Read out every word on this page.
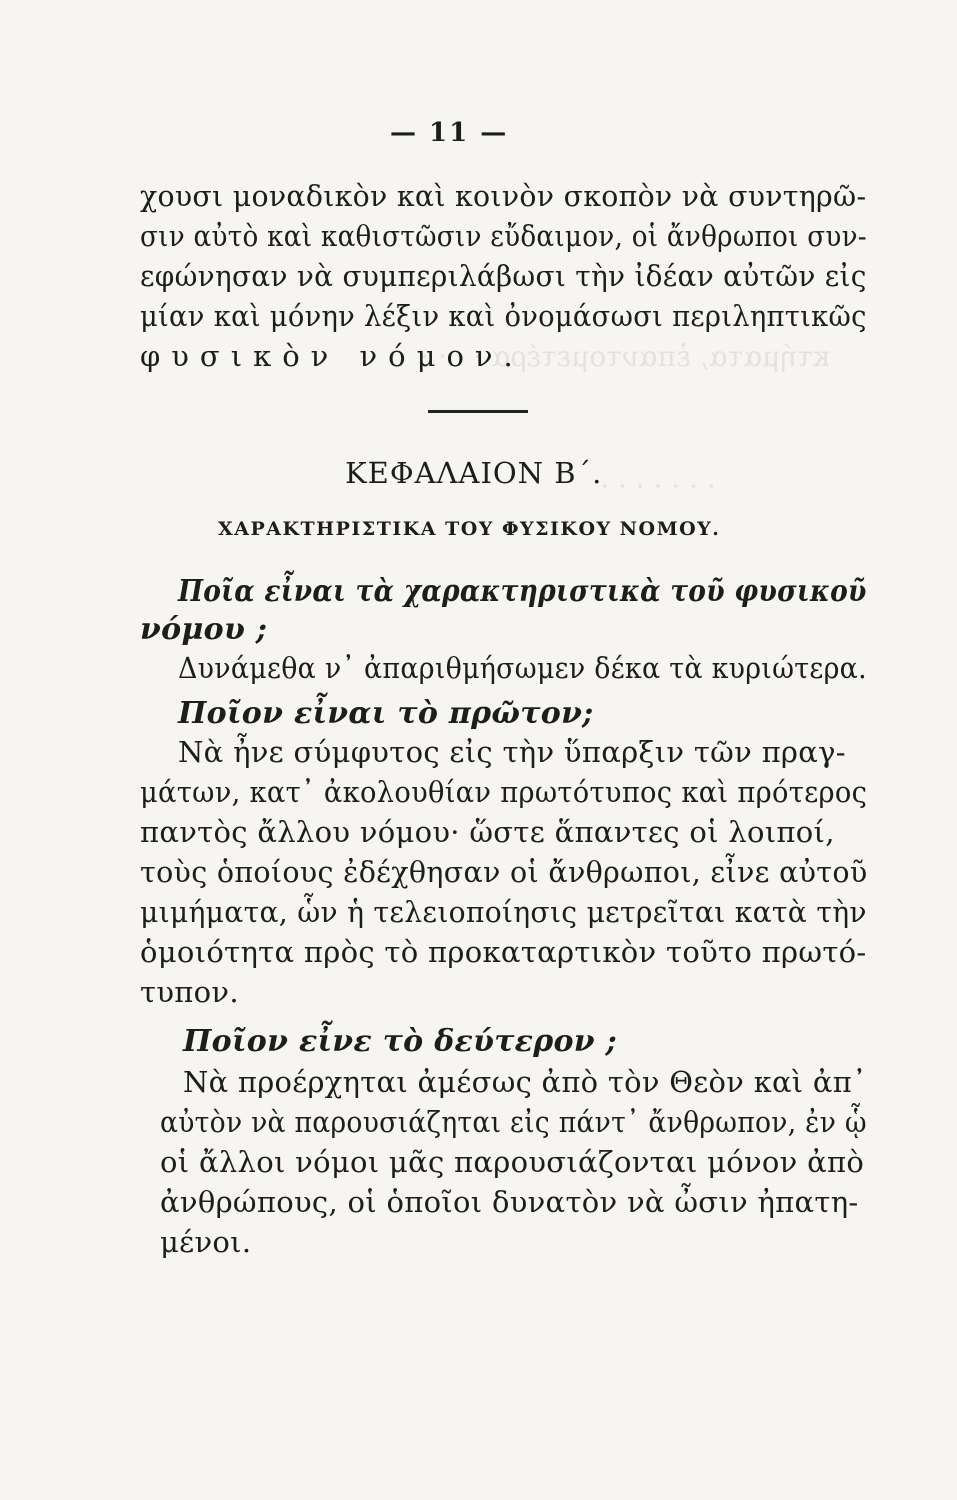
κτήματα, ἐπαντομετέρα · · · ·
· · · · · · ·
— 11 —
χουσι μοναδικὸν καὶ κοινὸν σκοπὸν νὰ συντηρῶ-
σιν αὐτὸ καὶ καθιστῶσιν εὔδαιμον, οἱ ἄνθρωποι συν-
εφώνησαν νὰ συμπεριλάβωσι τὴν ἰδέαν αὐτῶν εἰς
μίαν καὶ μόνην λέξιν καὶ ὀνομάσωσι περιληπτικῶς
φυσικὸν νόμον.
ΚΕΦΑΛΑΙΟΝ Β΄.
ΧΑΡΑΚΤΗΡΙΣΤΙΚΑ ΤΟΥ ΦΥΣΙΚΟΥ ΝΟΜΟΥ.
Ποῖα εἶναι τὰ χαρακτηριστικὰ τοῦ φυσικοῦ
νόμου ;
Δυνάμεθα ν᾽ ἀπαριθμήσωμεν δέκα τὰ κυριώτερα.
Ποῖον εἶναι τὸ πρῶτον;
Νὰ ἦνε σύμφυτος εἰς τὴν ὕπαρξιν τῶν πραγ-
μάτων, κατ᾽ ἀκολουθίαν πρωτότυπος καὶ πρότερος
παντὸς ἄλλου νόμου· ὥστε ἅπαντες οἱ λοιποί,
τοὺς ὁποίους ἐδέχθησαν οἱ ἄνθρωποι, εἶνε αὐτοῦ
μιμήματα, ὧν ἡ τελειοποίησις μετρεῖται κατὰ τὴν
ὁμοιότητα πρὸς τὸ προκαταρτικὸν τοῦτο πρωτό-
τυπον.
Ποῖον εἶνε τὸ δεύτερον ;
Νὰ προέρχηται ἀμέσως ἀπὸ τὸν Θεὸν καὶ ἀπ᾽
αὐτὸν νὰ παρουσιάζηται εἰς πάντ᾽ ἄνθρωπον, ἐν ᾧ
οἱ ἄλλοι νόμοι μᾶς παρουσιάζονται μόνον ἀπὸ
ἀνθρώπους, οἱ ὁποῖοι δυνατὸν νὰ ὦσιν ἠπατη-
μένοι.
